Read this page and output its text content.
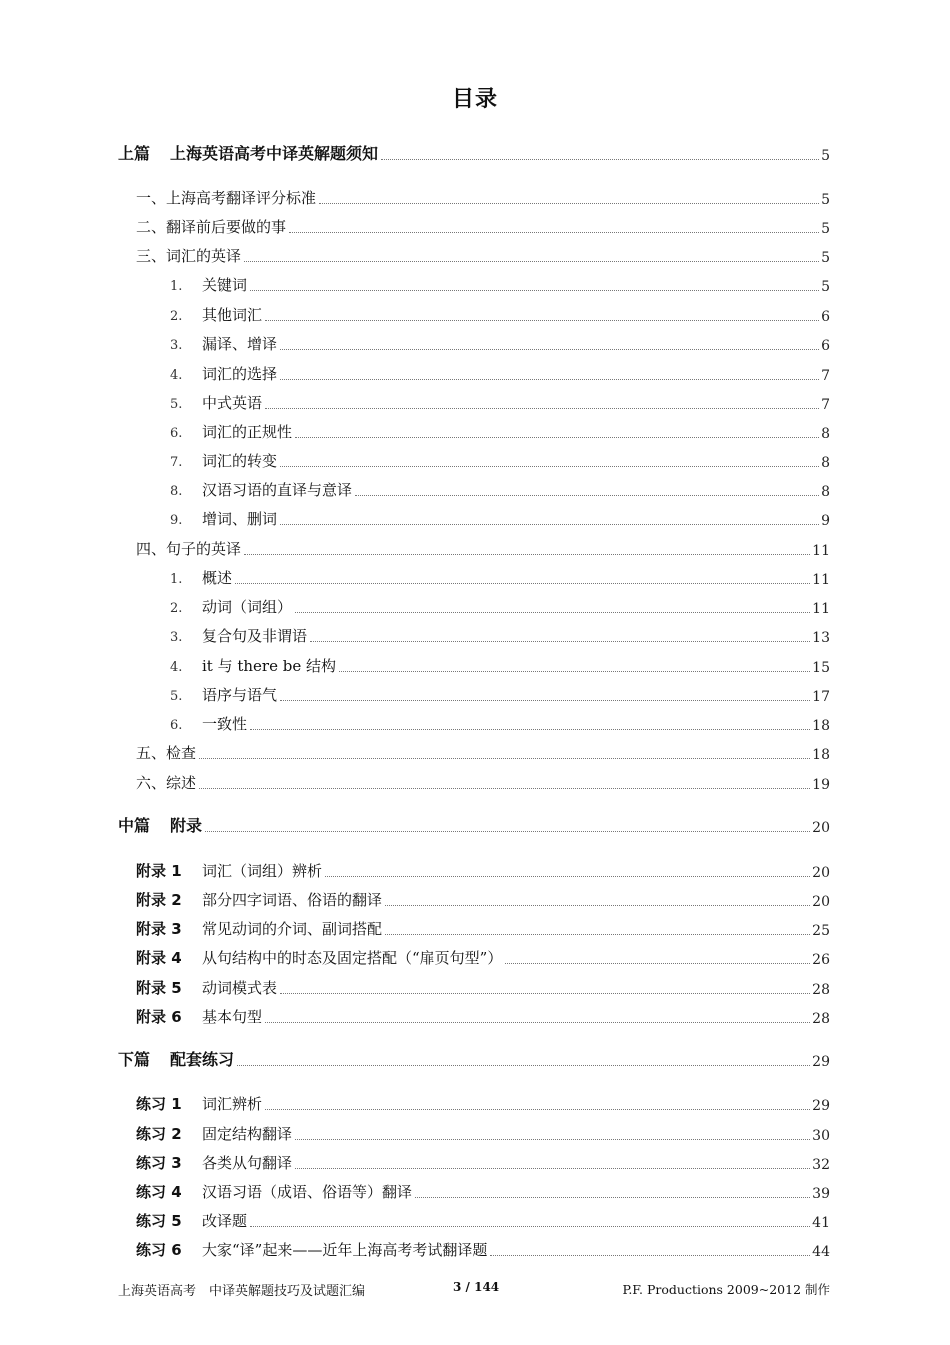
目录
上篇 上海英语高考中译英解题须知	5
一、上海高考翻译评分标准	5
二、翻译前后要做的事	5
三、词汇的英译	5
1. 关键词	5
2. 其他词汇	6
3. 漏译、增译	6
4. 词汇的选择	7
5. 中式英语	7
6. 词汇的正规性	8
7. 词汇的转变	8
8. 汉语习语的直译与意译	8
9. 增词、删词	9
四、句子的英译	11
1. 概述	11
2. 动词（词组）	11
3. 复合句及非谓语	13
4. it 与 there be 结构	15
5. 语序与语气	17
6. 一致性	18
五、检查	18
六、综述	19
中篇 附录	20
附录 1 词汇（词组）辨析	20
附录 2 部分四字词语、俗语的翻译	20
附录 3 常见动词的介词、副词搭配	25
附录 4 从句结构中的时态及固定搭配（“扉页句型”）	26
附录 5 动词模式表	28
附录 6 基本句型	28
下篇 配套练习	29
练习 1 词汇辨析	29
练习 2 固定结构翻译	30
练习 3 各类从句翻译	32
练习 4 汉语习语（成语、俗语等）翻译	39
练习 5 改译题	41
练习 6 大家“译”起来——近年上海高考考试翻译题	44
上海英语高考　中译英解题技巧及试题汇编	3 / 144	P.F. Productions 2009~2012 制作
